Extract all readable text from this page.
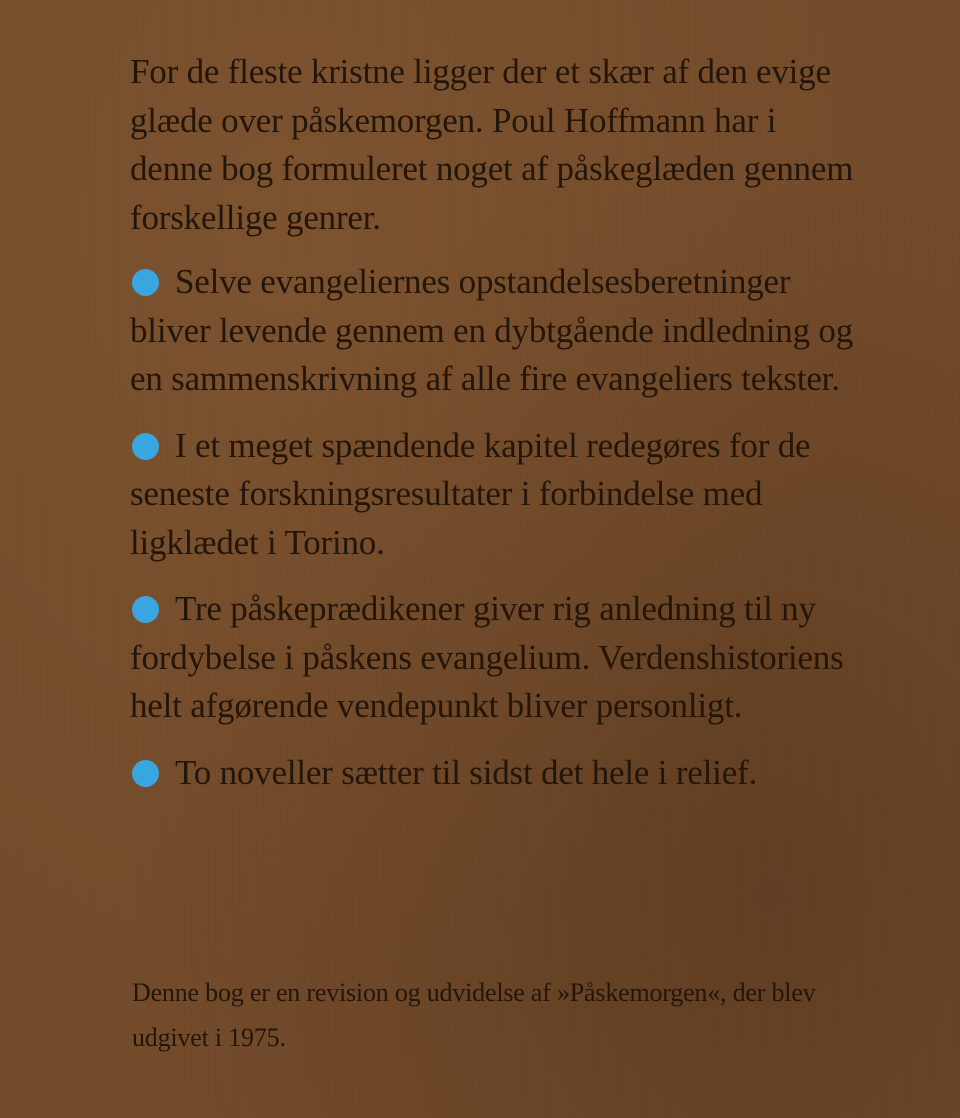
For de fleste kristne ligger der et skær af den evige glæde over påskemorgen. Poul Hoffmann har i denne bog formuleret noget af påskeglæden gennem forskellige genrer.

Selve evangeliernes opstandelsesberetninger bliver levende gennem en dybtgående indledning og en sammenskrivning af alle fire evangeliers tekster.
I et meget spændende kapitel redegøres for de seneste forskningsresultater i forbindelse med ligklædet i Torino.
Tre påskeprædikener giver rig anledning til ny fordybelse i påskens evangelium. Verdenshistoriens helt afgørende vendepunkt bliver personligt.
To noveller sætter til sidst det hele i relief.

Denne bog er en revision og udvidelse af »Påskemorgen«, der blev udgivet i 1975.
